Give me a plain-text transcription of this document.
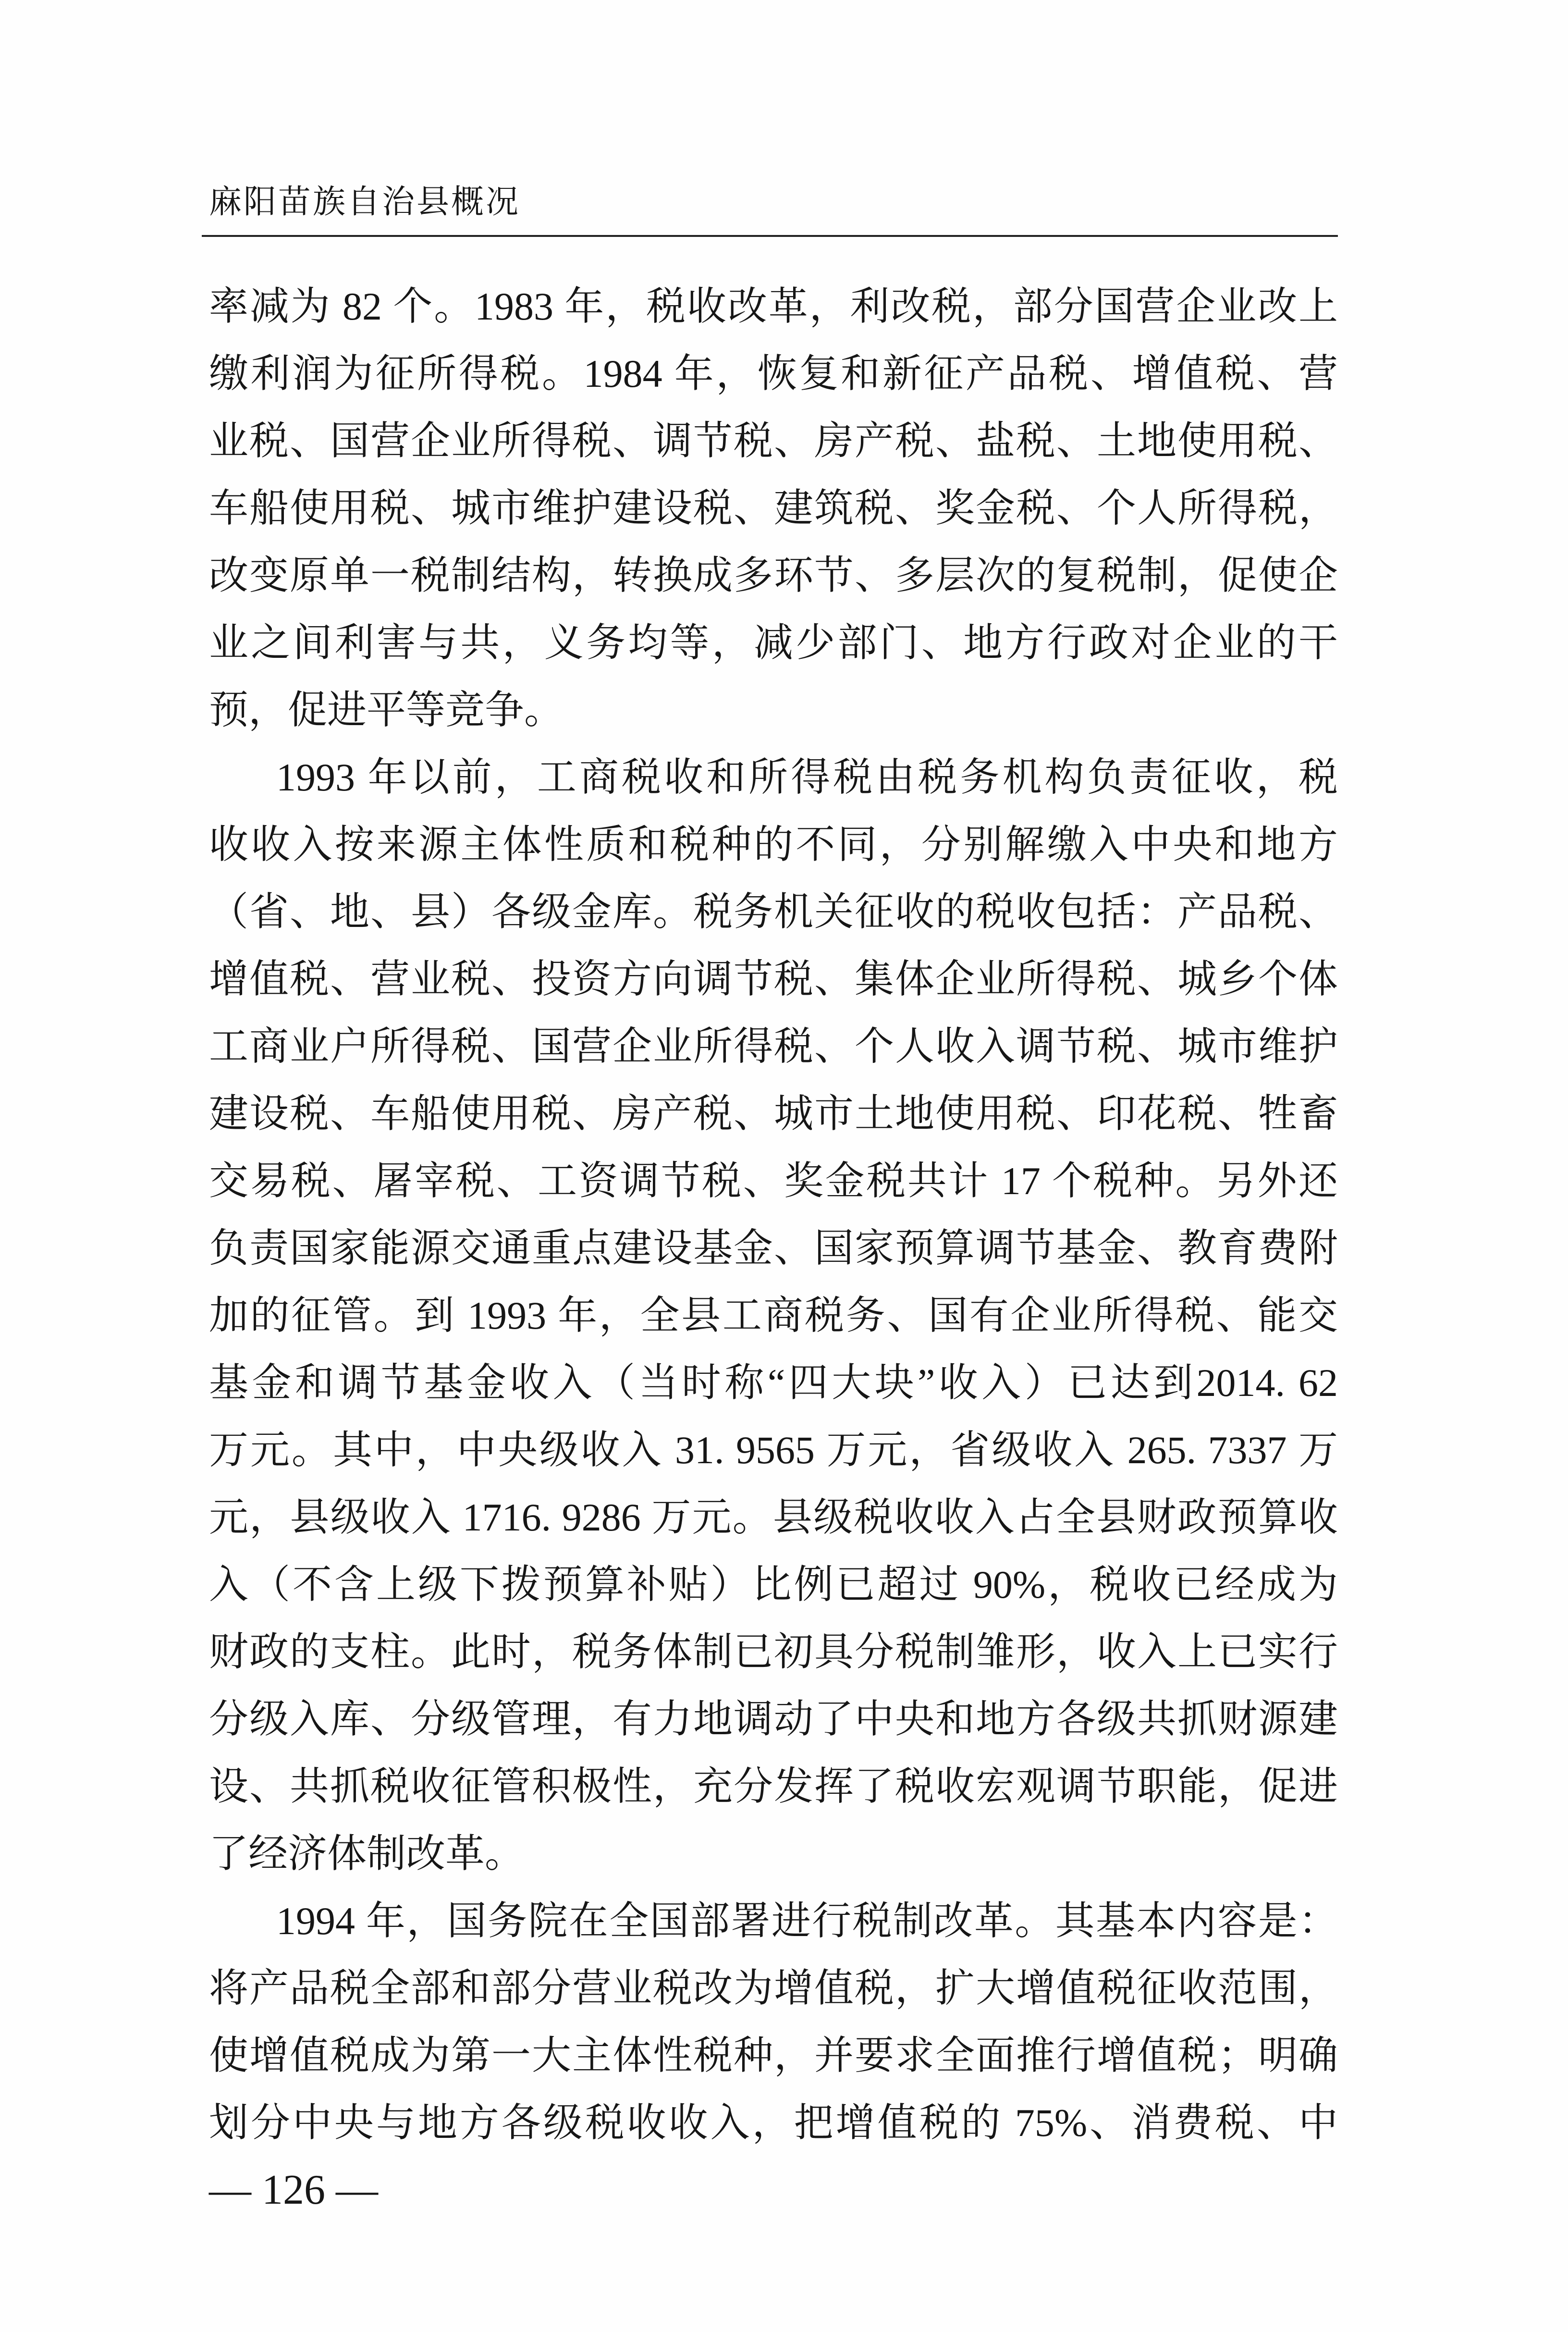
麻阳苗族自治县概况
率减为 82 个。1983 年，税收改革，利改税，部分国营企业改上
缴利润为征所得税。1984 年，恢复和新征产品税、增值税、营
业税、国营企业所得税、调节税、房产税、盐税、土地使用税、
车船使用税、城市维护建设税、建筑税、奖金税、个人所得税，
改变原单一税制结构，转换成多环节、多层次的复税制，促使企
业之间利害与共，义务均等，减少部门、地方行政对企业的干
预，促进平等竞争。
1993 年以前，工商税收和所得税由税务机构负责征收，税
收收入按来源主体性质和税种的不同，分别解缴入中央和地方
（省、地、县）各级金库。税务机关征收的税收包括：产品税、
增值税、营业税、投资方向调节税、集体企业所得税、城乡个体
工商业户所得税、国营企业所得税、个人收入调节税、城市维护
建设税、车船使用税、房产税、城市土地使用税、印花税、牲畜
交易税、屠宰税、工资调节税、奖金税共计 17 个税种。另外还
负责国家能源交通重点建设基金、国家预算调节基金、教育费附
加的征管。到 1993 年，全县工商税务、国有企业所得税、能交
基金和调节基金收入（当时称“四大块”收入）已达到2014. 62
万元。其中，中央级收入 31. 9565 万元，省级收入 265. 7337 万
元，县级收入 1716. 9286 万元。县级税收收入占全县财政预算收
入（不含上级下拨预算补贴）比例已超过 90%，税收已经成为
财政的支柱。此时，税务体制已初具分税制雏形，收入上已实行
分级入库、分级管理，有力地调动了中央和地方各级共抓财源建
设、共抓税收征管积极性，充分发挥了税收宏观调节职能，促进
了经济体制改革。
1994 年，国务院在全国部署进行税制改革。其基本内容是：
将产品税全部和部分营业税改为增值税，扩大增值税征收范围，
使增值税成为第一大主体性税种，并要求全面推行增值税；明确
划分中央与地方各级税收收入，把增值税的 75%、消费税、中
— 126 —
